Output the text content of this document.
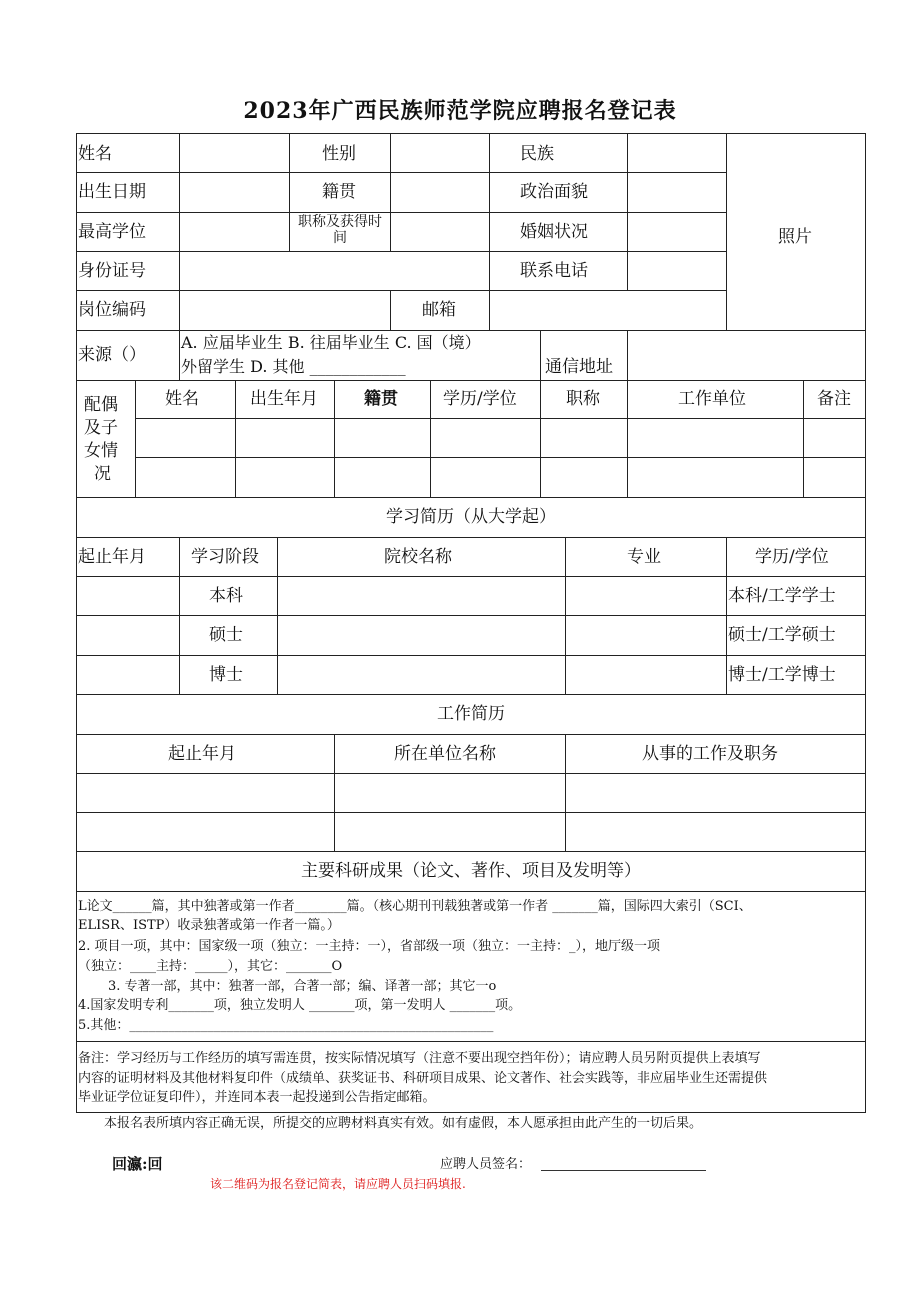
2023年广西民族师范学院应聘报名登记表
姓名	性别	民族
出生日期	籍贯	政治面貌
最高学位	职称及获得时间	婚姻状况
身份证号	联系电话
岗位编码	邮箱
照片
来源（）
A. 应届毕业生 B. 往届毕业生 C. 国（境）
外留学生 D. 其他 ____________	通信地址
配偶
及子
女情
况
姓名	出生年月	籍贯	学历/学位	职称	工作单位	备注
学习简历（从大学起）
起止年月	学习阶段	院校名称	专业	学历/学位
本科	本科/工学学士
硕士	硕士/工学硕士
博士	博士/工学博士
工作简历
起止年月	所在单位名称	从事的工作及职务
主要科研成果（论文、著作、项目及发明等）
L论文______篇，其中独著或第一作者________篇。（核心期刊刊载独著或第一作者 _______篇，国际四大索引（SCI、
ELISR、ISTP）收录独著或第一作者一篇。）
2. 项目一项，其中：国家级一项（独立：一主持：一），省部级一项（独立：一主持：_），地厅级一项
（独立：____主持：_____），其它：_______O
3. 专著一部，其中：独著一部，合著一部；编、译著一部；其它一o
4.国家发明专利_______项，独立发明人 _______项，第一发明人 _______项。
5.其他：________________________________________________________
备注：学习经历与工作经历的填写需连贯，按实际情况填写（注意不要出现空挡年份）；请应聘人员另附页提供上表填写
内容的证明材料及其他材料复印件（成绩单、获奖证书、科研项目成果、论文著作、社会实践等，非应届毕业生还需提供
毕业证学位证复印件），并连同本表一起投递到公告指定邮箱。
本报名表所填内容正确无误，所提交的应聘材料真实有效。如有虚假，本人愿承担由此产生的一切后果。
回瀛:回	应聘人员签名：
该二维码为报名登记简表，请应聘人员扫码填报.
